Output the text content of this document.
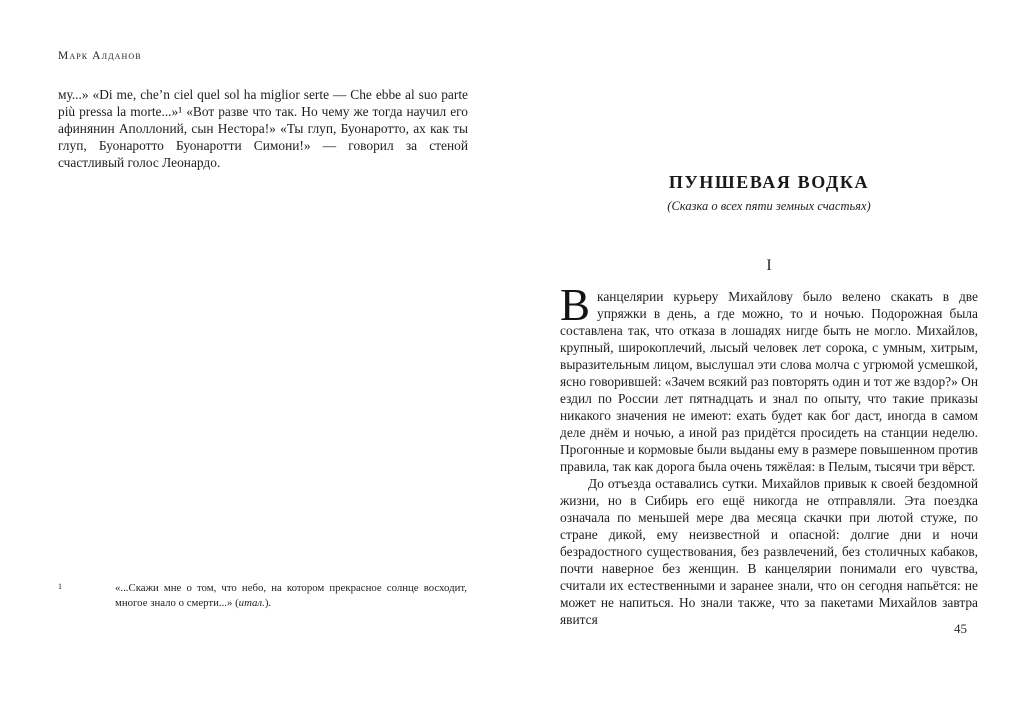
Марк Алданов
му...» «Di me, che’n ciel quel sol ha miglior serte — Che ebbe al suo parte più pressa la morte...»¹ «Вот разве что так. Но чему же тогда научил его афинянин Аполлоний, сын Нестора!» «Ты глуп, Буонаротто, ах как ты глуп, Буонаротто Буонаротти Симони!» — говорил за стеной счастливый голос Леонардо.
1	«...Скажи мне о том, что небо, на котором прекрасное солнце восходит, многое знало о смерти...» (итал.).
ПУНШЕВАЯ ВОДКА
(Сказка о всех пяти земных счастьях)
I

Вканцелярии курьеру Михайлову было велено скакать в две упряжки в день, а где можно, то и ночью. Подорожная была составлена так, что отказа в лошадях нигде быть не могло. Михайлов, крупный, широкоплечий, лысый человек лет сорока, с умным, хитрым, выразительным лицом, выслушал эти слова молча с угрюмой усмешкой, ясно говорившей: «Зачем всякий раз повторять один и тот же вздор?» Он ездил по России лет пятнадцать и знал по опыту, что такие приказы никакого значения не имеют: ехать будет как бог даст, иногда в самом деле днём и ночью, а иной раз придётся просидеть на станции неделю. Прогонные и кормовые были выданы ему в размере повышенном против правила, так как дорога была очень тяжёлая: в Пелым, тысячи три вёрст.

До отъезда оставались сутки. Михайлов привык к своей бездомной жизни, но в Сибирь его ещё никогда не отправляли. Эта поездка означала по меньшей мере два месяца скачки при лютой стуже, по стране дикой, ему неизвестной и опасной: долгие дни и ночи безрадостного существования, без развлечений, без столичных кабаков, почти наверное без женщин. В канцелярии понимали его чувства, считали их естественными и заранее знали, что он сегодня напьётся: не может не напиться. Но знали также, что за пакетами Михайлов завтра явится

45
